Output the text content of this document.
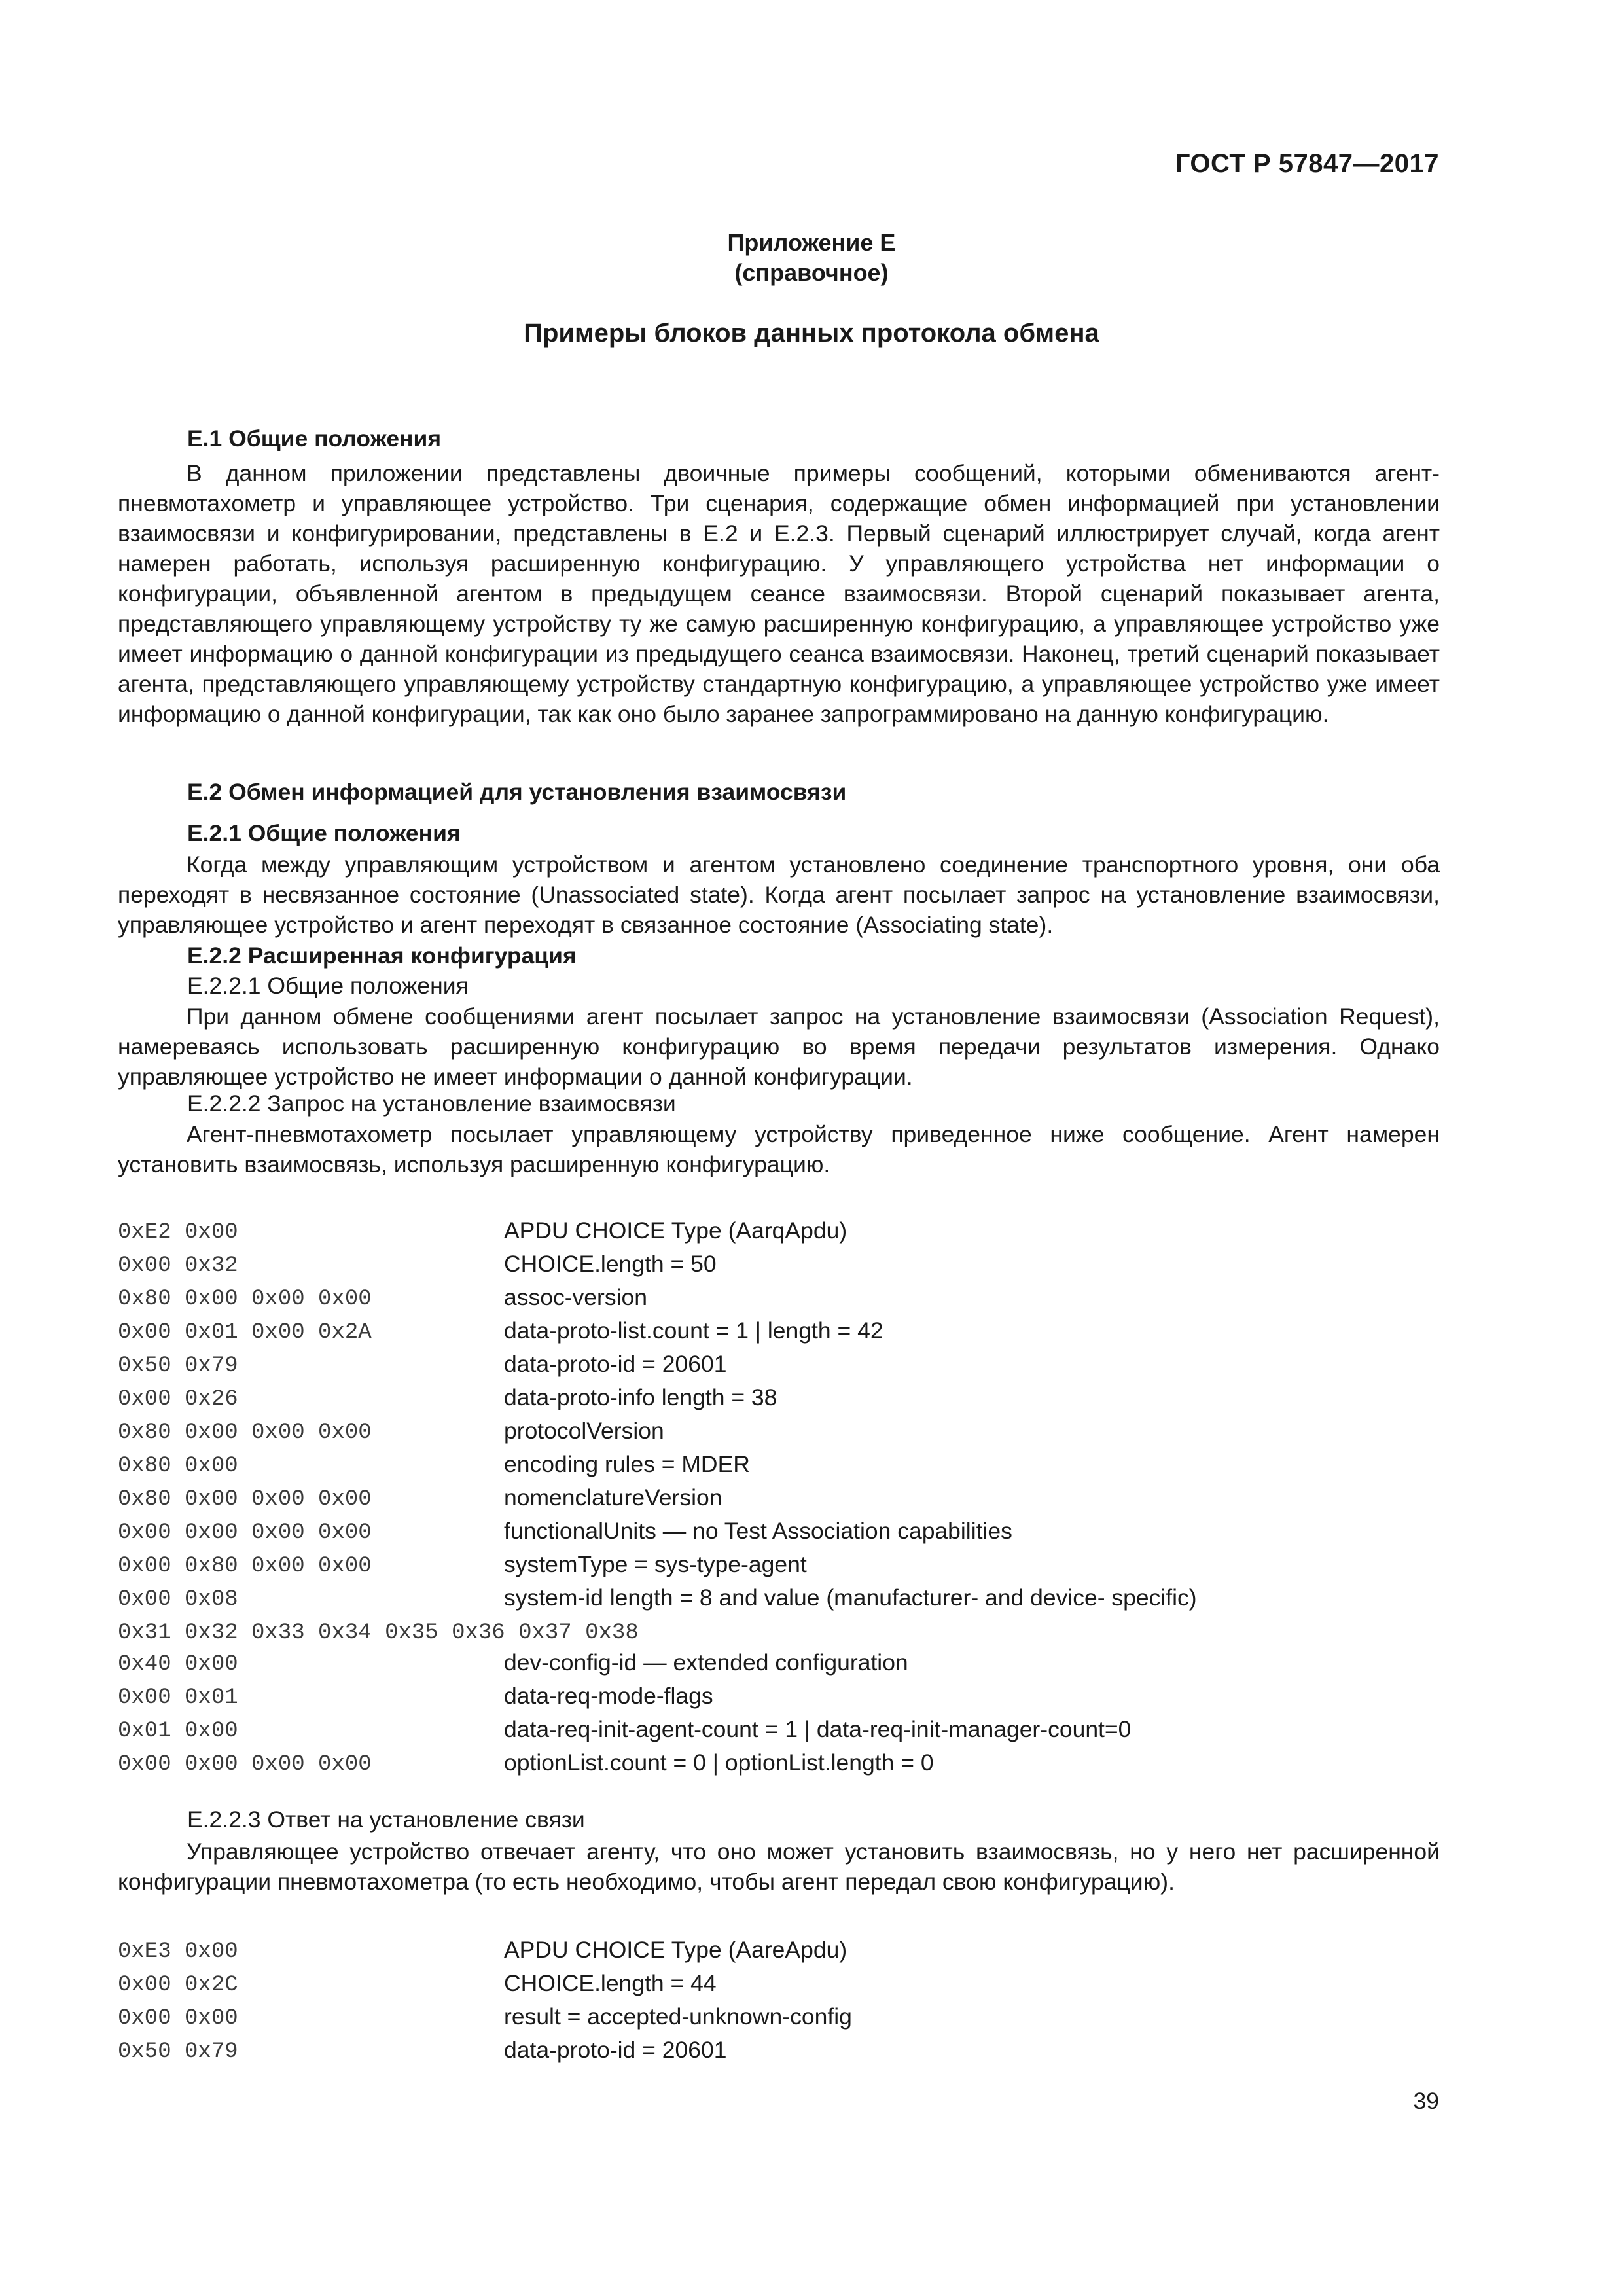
ГОСТ Р 57847—2017
Приложение Е
(справочное)
Примеры блоков данных протокола обмена
Е.1 Общие положения

В данном приложении представлены двоичные примеры сообщений, которыми обмениваются агент-пневмотахометр и управляющее устройство. Три сценария, содержащие обмен информацией при установлении взаимосвязи и конфигурировании, представлены в Е.2 и Е.2.3. Первый сценарий иллюстрирует случай, когда агент намерен работать, используя расширенную конфигурацию. У управляющего устройства нет информации о конфигурации, объявленной агентом в предыдущем сеансе взаимосвязи. Второй сценарий показывает агента, представляющего управляющему устройству ту же самую расширенную конфигурацию, а управляющее устройство уже имеет информацию о данной конфигурации из предыдущего сеанса взаимосвязи. Наконец, третий сценарий показывает агента, представляющего управляющему устройству стандартную конфигурацию, а управляющее устройство уже имеет информацию о данной конфигурации, так как оно было заранее запрограммировано на данную конфигурацию.

Е.2 Обмен информацией для установления взаимосвязи
Е.2.1 Общие положения

Когда между управляющим устройством и агентом установлено соединение транспортного уровня, они оба переходят в несвязанное состояние (Unassociated state). Когда агент посылает запрос на установление взаимосвязи, управляющее устройство и агент переходят в связанное состояние (Associating state).

Е.2.2 Расширенная конфигурация
Е.2.2.1 Общие положения

При данном обмене сообщениями агент посылает запрос на установление взаимосвязи (Association Request), намереваясь использовать расширенную конфигурацию во время передачи результатов измерения. Однако управляющее устройство не имеет информации о данной конфигурации.

Е.2.2.2 Запрос на установление взаимосвязи

Агент-пневмотахометр посылает управляющему устройству приведенное ниже сообщение. Агент намерен установить взаимосвязь, используя расширенную конфигурацию.

0xE2 0x00	APDU CHOICE Type (AarqApdu)
0x00 0x32	CHOICE.length = 50
0x80 0x00 0x00 0x00	assoc-version
0x00 0x01 0x00 0x2A	data-proto-list.count = 1 | length = 42
0x50 0x79	data-proto-id = 20601
0x00 0x26	data-proto-info length = 38
0x80 0x00 0x00 0x00	protocolVersion
0x80 0x00	encoding rules = MDER
0x80 0x00 0x00 0x00	nomenclatureVersion
0x00 0x00 0x00 0x00	functionalUnits — no Test Association capabilities
0x00 0x80 0x00 0x00	systemType = sys-type-agent
0x00 0x08	system-id length = 8 and value (manufacturer- and device- specific)
0x31 0x32 0x33 0x34 0x35 0x36 0x37 0x38
0x40 0x00	dev-config-id — extended configuration
0x00 0x01	data-req-mode-flags
0x01 0x00	data-req-init-agent-count = 1 | data-req-init-manager-count=0
0x00 0x00 0x00 0x00	optionList.count = 0 | optionList.length = 0
Е.2.2.3 Ответ на установление связи

Управляющее устройство отвечает агенту, что оно может установить взаимосвязь, но у него нет расширенной конфигурации пневмотахометра (то есть необходимо, чтобы агент передал свою конфигурацию).

0xE3 0x00	APDU CHOICE Type (AareApdu)
0x00 0x2C	CHOICE.length = 44
0x00 0x00	result = accepted-unknown-config
0x50 0x79	data-proto-id = 20601
39
